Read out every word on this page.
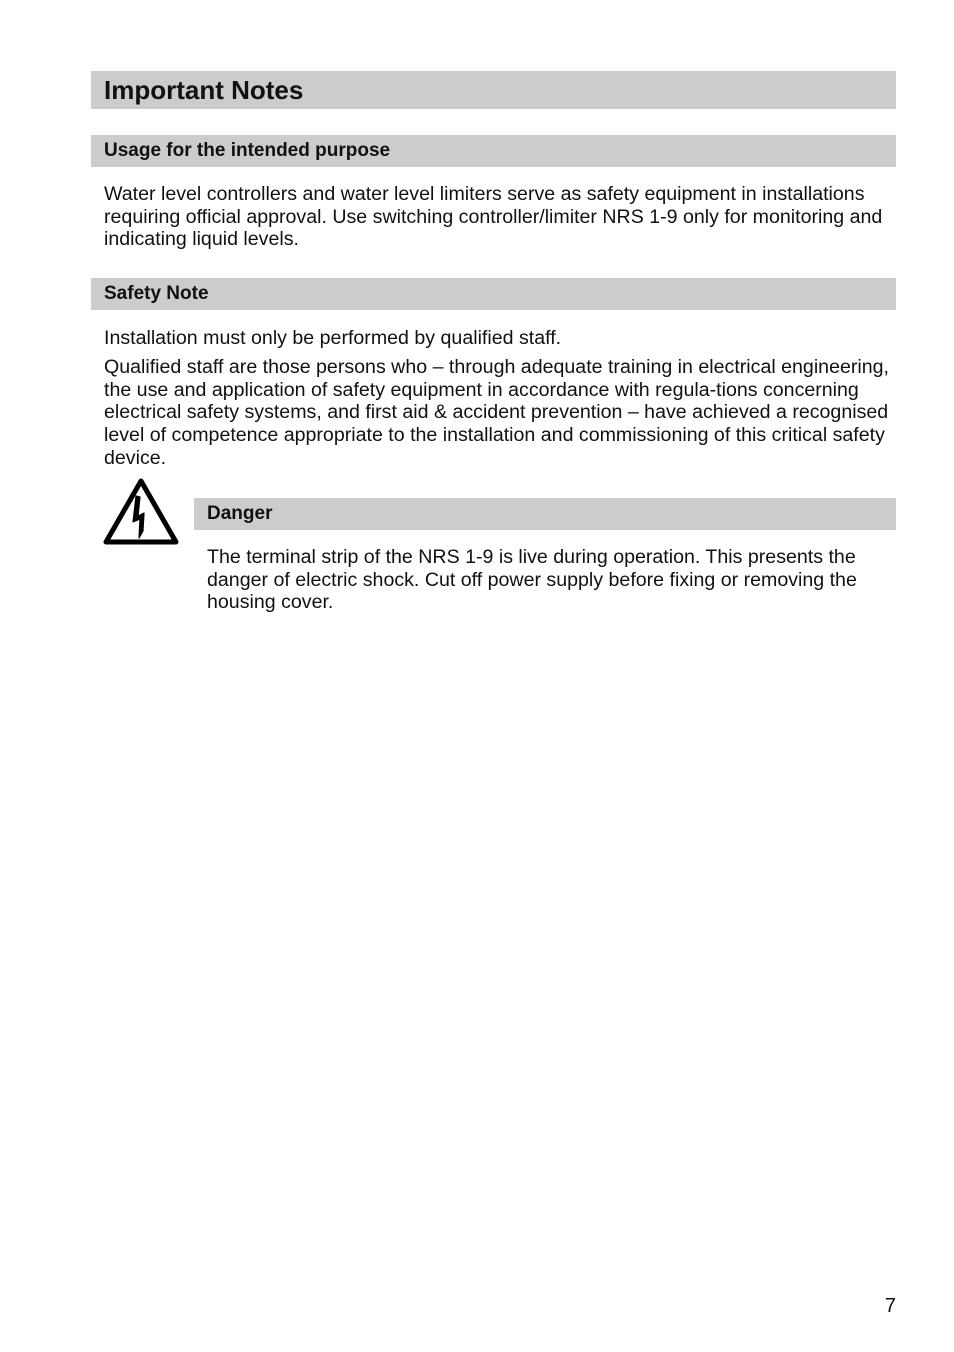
Important Notes
Usage for the intended purpose

Water level controllers and water level limiters serve as safety equipment in installations requiring official approval. Use switching controller/limiter NRS 1-9 only for monitoring and indicating liquid levels.

Safety Note

Installation must only be performed by qualified staff.

Qualified staff are those persons who – through adequate training in electrical engineering, the use and application of safety equipment in accordance with regula-tions concerning electrical safety systems, and first aid & accident prevention – have achieved a recognised level of competence appropriate to the installation and commissioning of this critical safety device.

Danger

The terminal strip of the NRS 1-9 is live during operation. This presents the danger of electric shock. Cut off power supply before fixing or removing the housing cover.

7
